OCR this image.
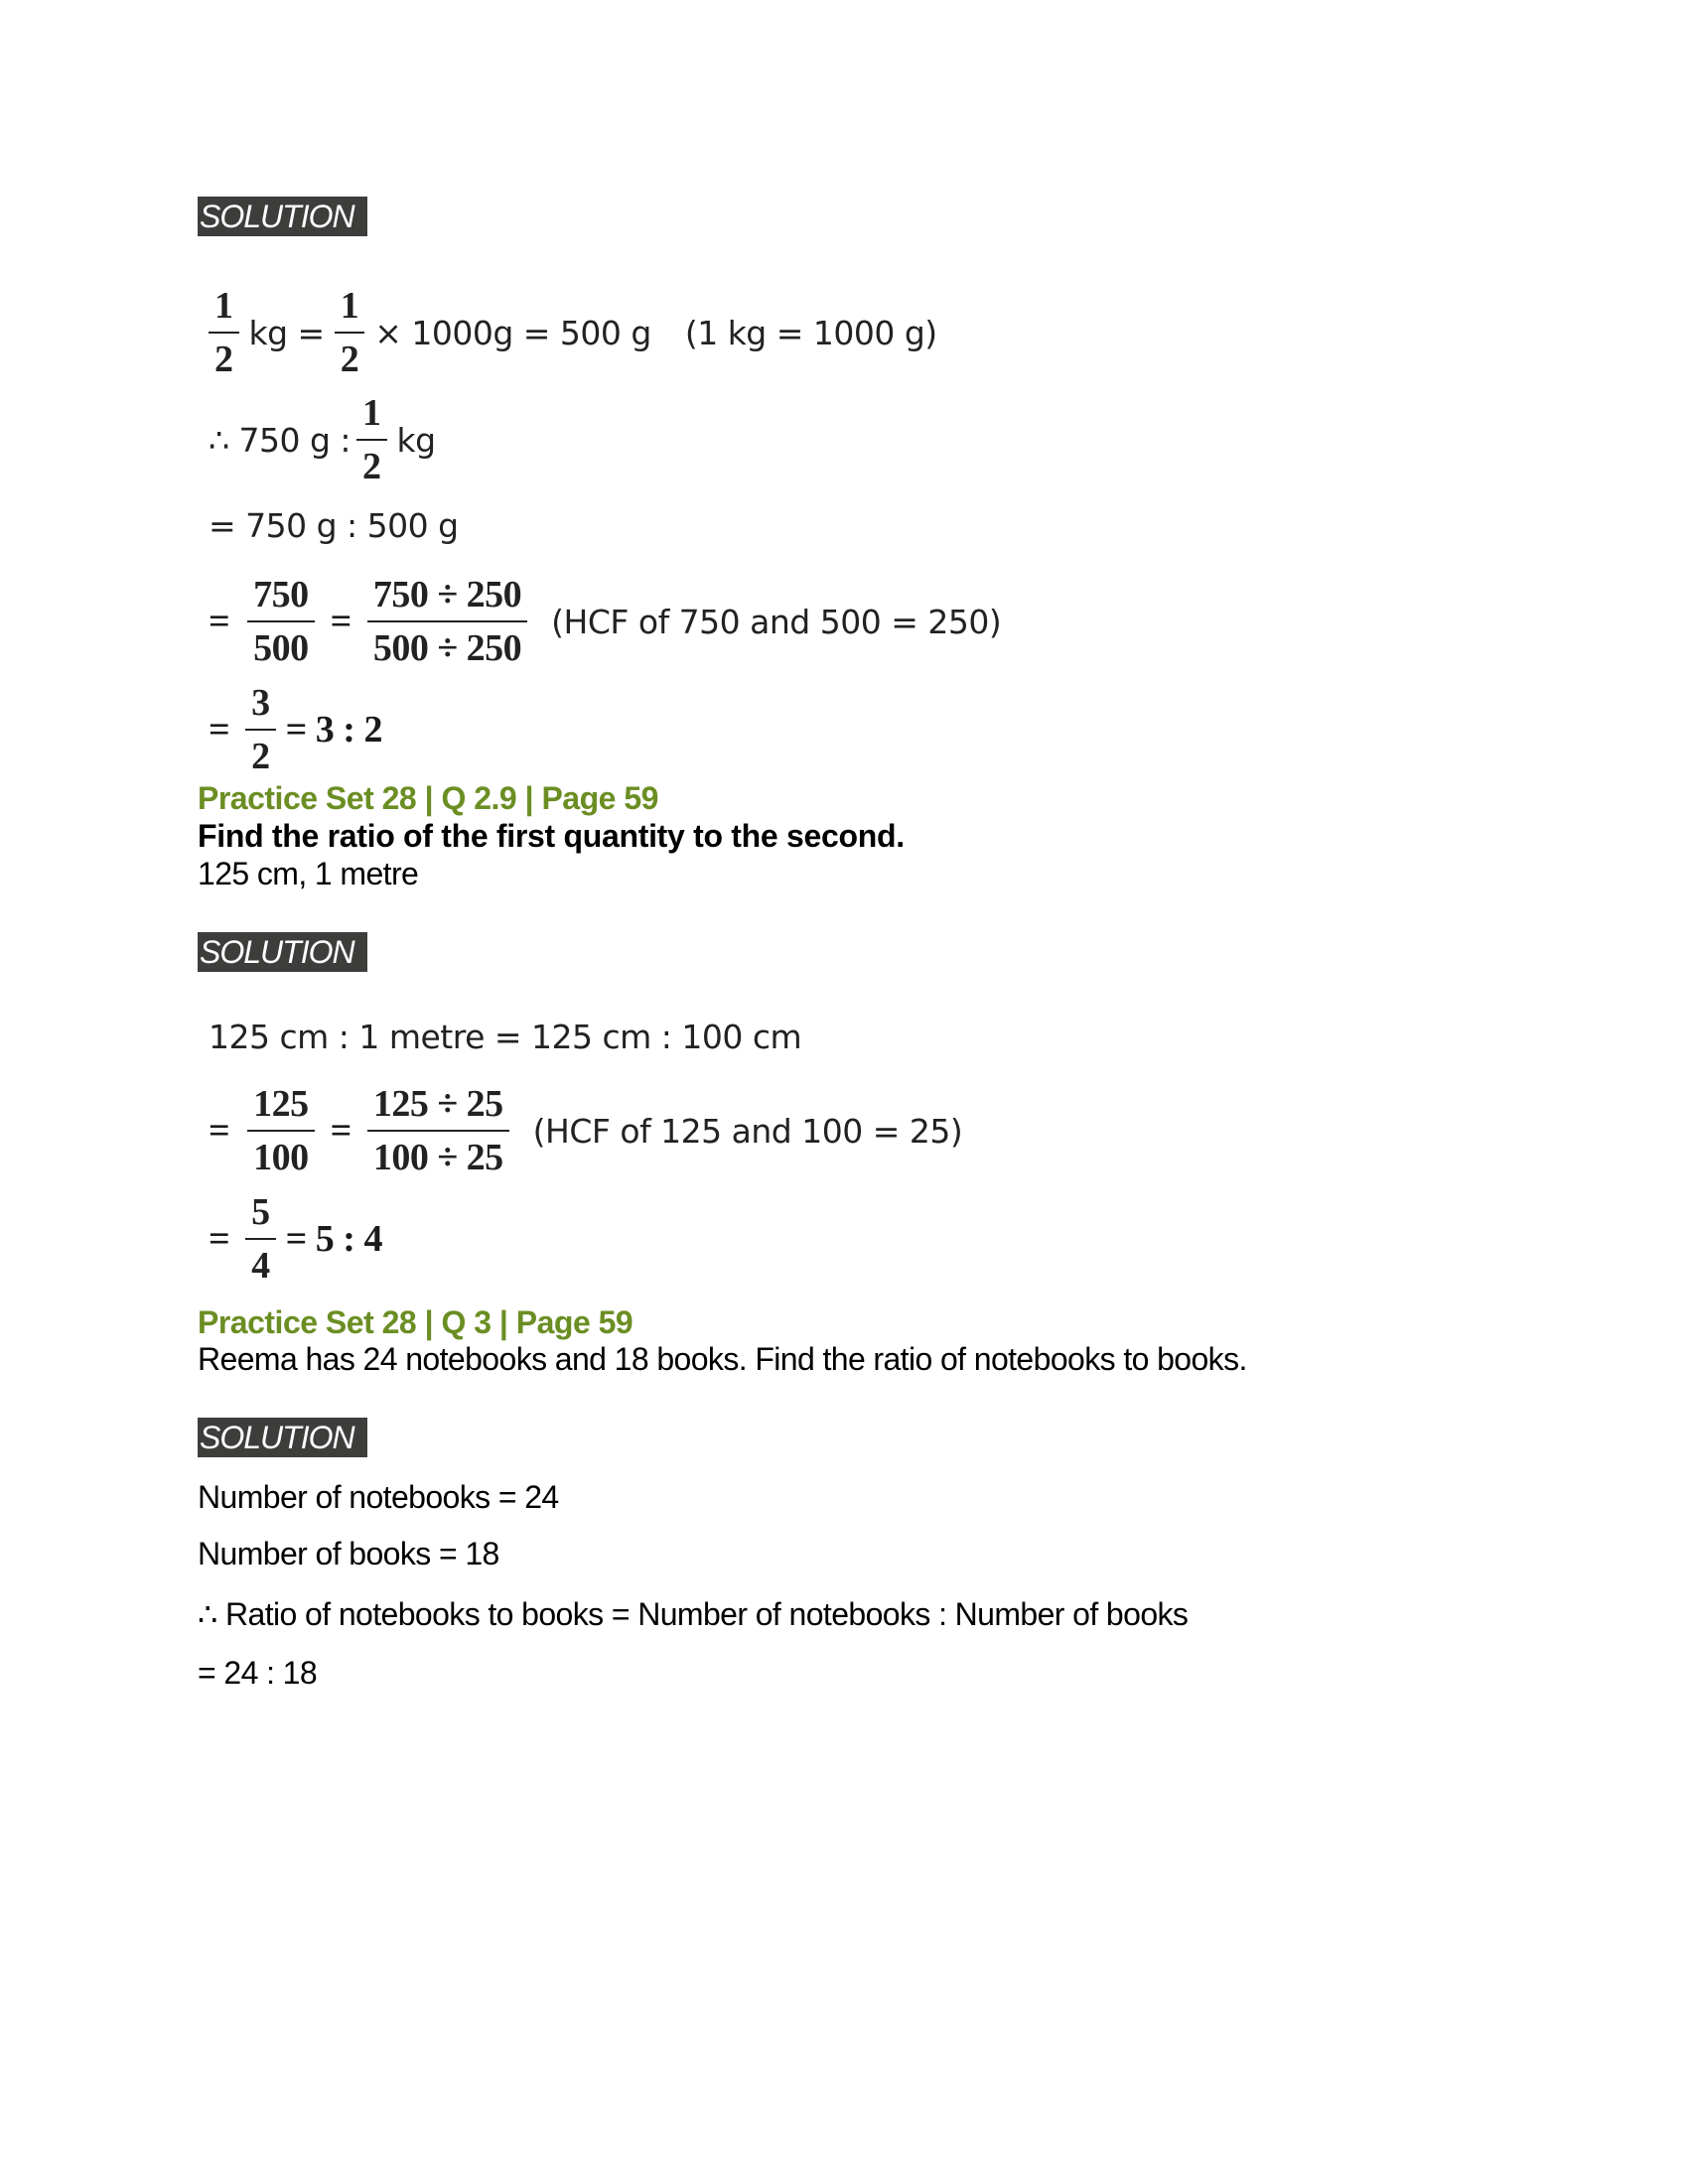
SOLUTION
$\frac{1}{2}$ kg = $\frac{1}{2} \times 1000g = 500$ g (1 kg = 1000 g)
∴ 750 g : $\frac{1}{2}$ kg
= 750 g : 500 g
= $\frac{750}{500} = \frac{750 \div 250}{500 \div 250} (HCF$ of 750 and 500 = 250)
= $\frac{3}{2} = 3$ : 2
Practice Set 28 | Q 2.9 | Page 59
Find the ratio of the first quantity to the second.
125 cm, 1 metre
SOLUTION
125 cm : 1 metre = 125 cm : 100 cm
= $\frac{125}{100} = \frac{125 \div 25}{100 \div 25} (HCF$ of 125 and 100 = 25)
= $\frac{5}{4} = 5$ : 4
Practice Set 28 | Q 3 | Page 59
Reema has 24 notebooks and 18 books. Find the ratio of notebooks to books.
SOLUTION
Number of notebooks = 24
Number of books = 18
∴ Ratio of notebooks to books = Number of notebooks : Number of books
= 24 : 18
